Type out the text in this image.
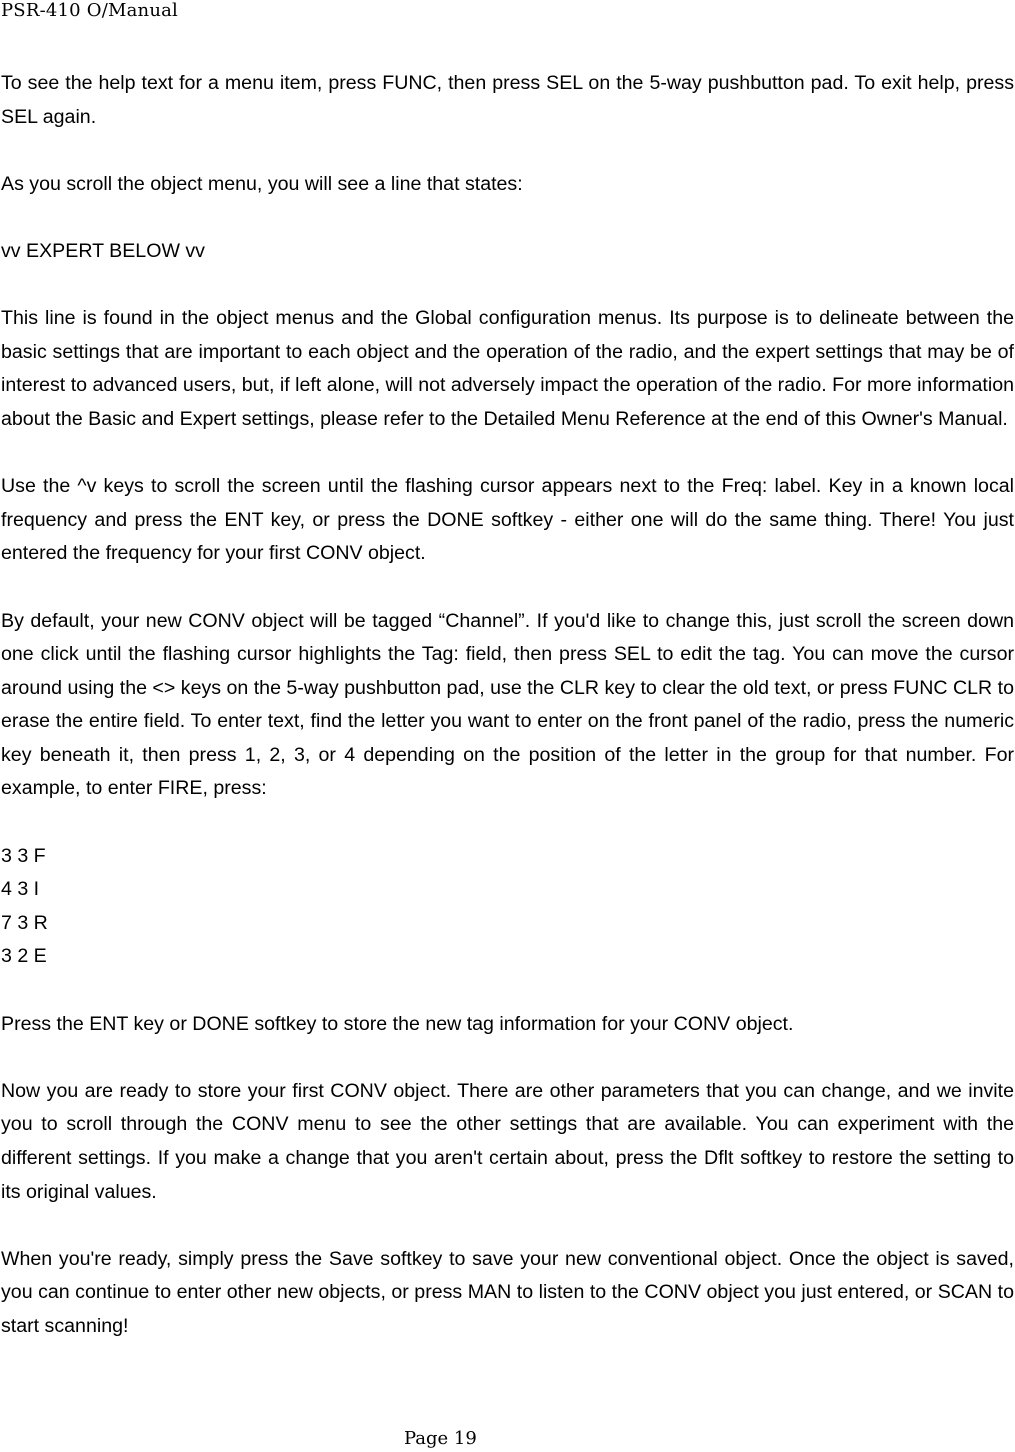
PSR-410 O/Manual

To see the help text for a menu item, press FUNC, then press SEL on the 5-way pushbutton pad. To exit help, press SEL again.

As you scroll the object menu, you will see a line that states:

vv EXPERT BELOW vv

This line is found in the object menus and the Global configuration menus. Its purpose is to delineate between the basic settings that are important to each object and the operation of the radio, and the expert settings that may be of interest to advanced users, but, if left alone, will not adversely impact the operation of the radio. For more information about the Basic and Expert settings, please refer to the Detailed Menu Reference at the end of this Owner's Manual.

Use the ^v keys to scroll the screen until the flashing cursor appears next to the Freq: label. Key in a known local frequency and press the ENT key, or press the DONE softkey - either one will do the same thing. There! You just entered the frequency for your first CONV object.

By default, your new CONV object will be tagged “Channel”. If you'd like to change this, just scroll the screen down one click until the flashing cursor highlights the Tag: field, then press SEL to edit the tag. You can move the cursor around using the <> keys on the 5-way pushbutton pad, use the CLR key to clear the old text, or press FUNC CLR to erase the entire field. To enter text, find the letter you want to enter on the front panel of the radio, press the numeric key beneath it, then press 1, 2, 3, or 4 depending on the position of the letter in the group for that number. For example, to enter FIRE, press:

3 3 F
4 3 I
7 3 R
3 2 E

Press the ENT key or DONE softkey to store the new tag information for your CONV object.

Now you are ready to store your first CONV object. There are other parameters that you can change, and we invite you to scroll through the CONV menu to see the other settings that are available. You can experiment with the different settings. If you make a change that you aren't certain about, press the Dflt softkey to restore the setting to its original values.

When you're ready, simply press the Save softkey to save your new conventional object. Once the object is saved, you can continue to enter other new objects, or press MAN to listen to the CONV object you just entered, or SCAN to start scanning!

Page 19
